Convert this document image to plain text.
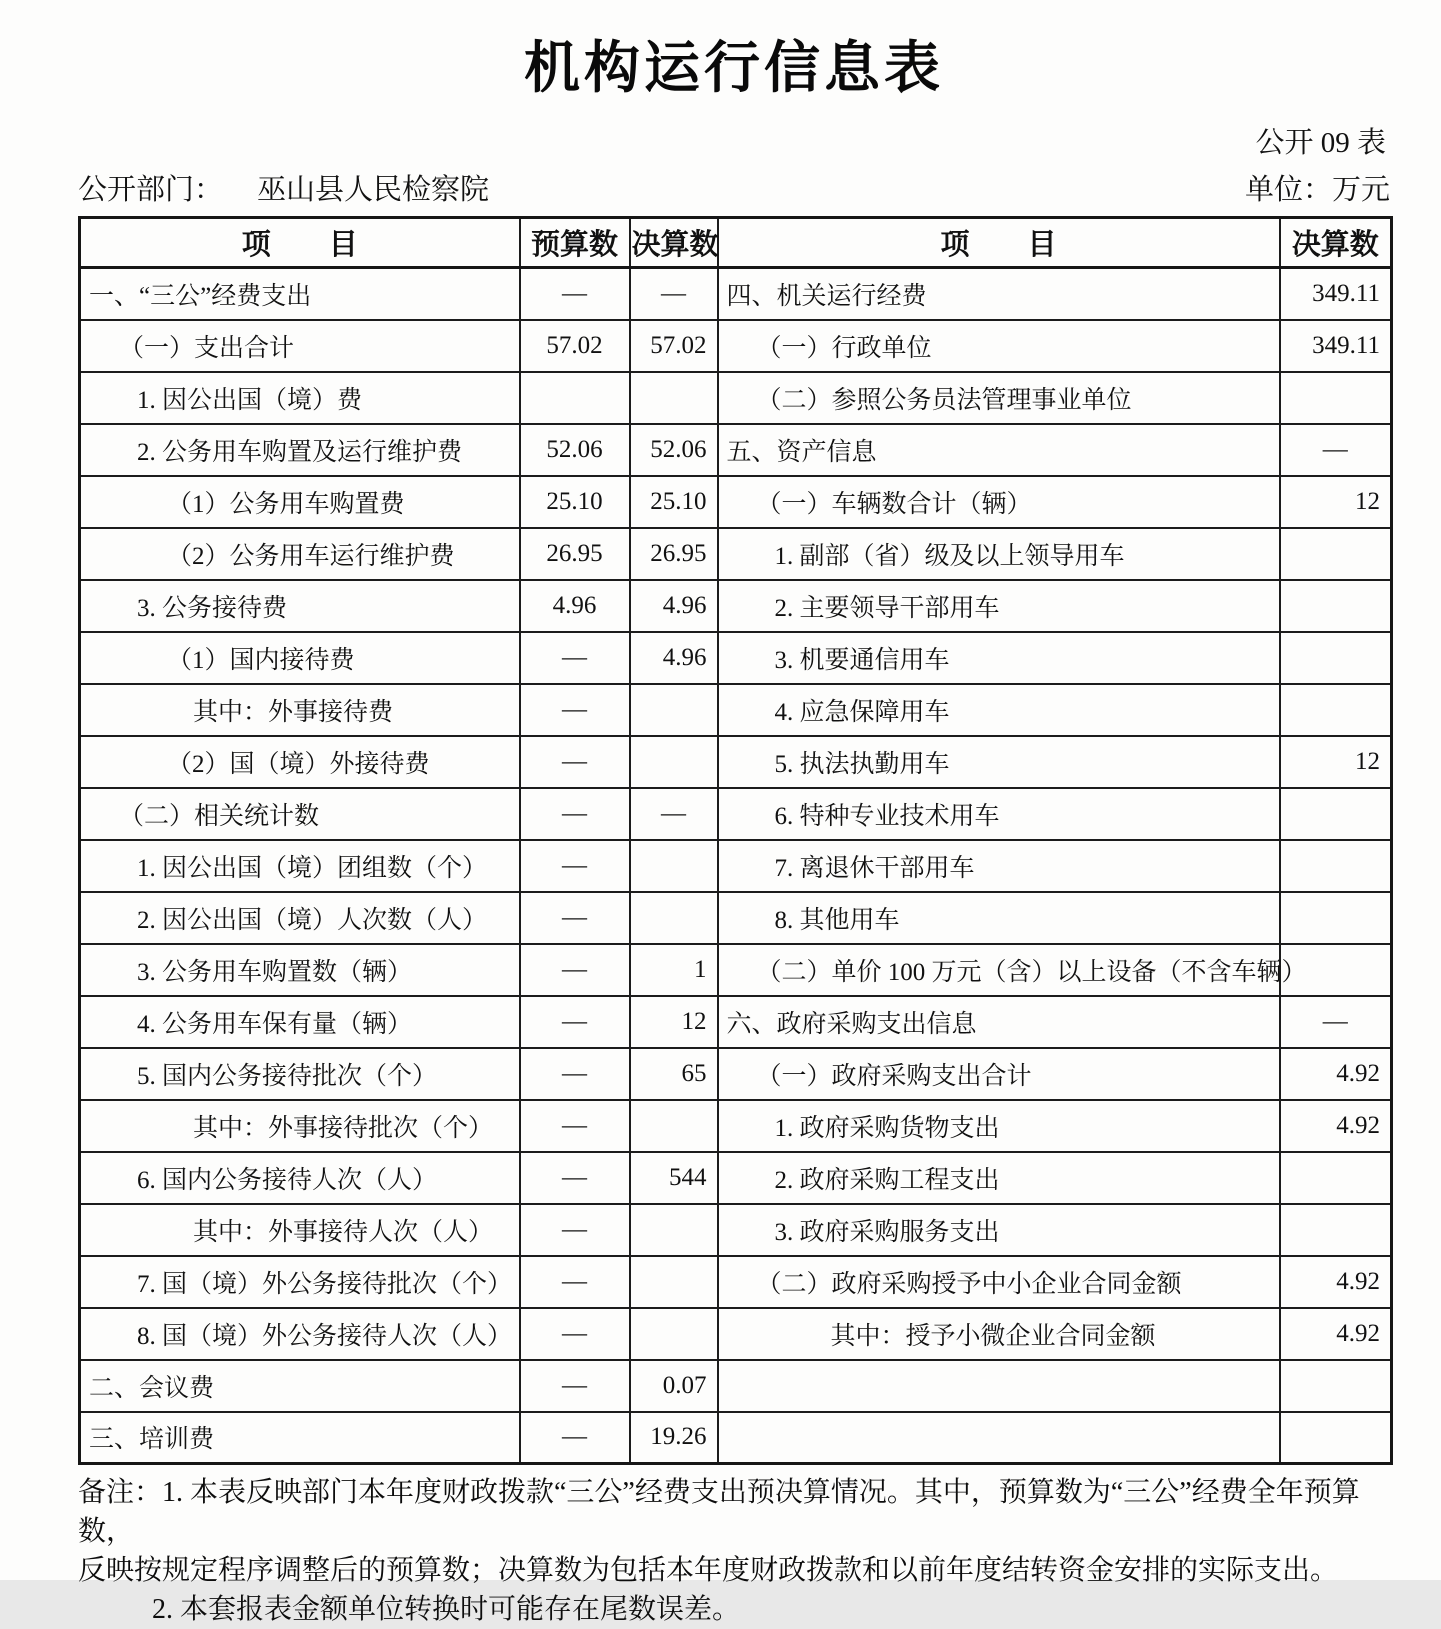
机构运行信息表
公开 09 表
公开部门： 巫山县人民检察院	单位：万元
项　　目	预算数	决算数	项　　目	决算数
一、“三公”经费支出	—	—	四、机关运行经费	349.11
（一）支出合计	57.02	57.02	（一）行政单位	349.11
1. 因公出国（境）费			（二）参照公务员法管理事业单位	
2. 公务用车购置及运行维护费	52.06	52.06	五、资产信息	—
（1）公务用车购置费	25.10	25.10	（一）车辆数合计（辆）	12
（2）公务用车运行维护费	26.95	26.95	1. 副部（省）级及以上领导用车	
3. 公务接待费	4.96	4.96	2. 主要领导干部用车	
（1）国内接待费	—	4.96	3. 机要通信用车	
其中：外事接待费	—		4. 应急保障用车	
（2）国（境）外接待费	—		5. 执法执勤用车	12
（二）相关统计数	—	—	6. 特种专业技术用车	
1. 因公出国（境）团组数（个）	—		7. 离退休干部用车	
2. 因公出国（境）人次数（人）	—		8. 其他用车	
3. 公务用车购置数（辆）	—	1	（二）单价 100 万元（含）以上设备（不含车辆）	
4. 公务用车保有量（辆）	—	12	六、政府采购支出信息	—
5. 国内公务接待批次（个）	—	65	（一）政府采购支出合计	4.92
其中：外事接待批次（个）	—		1. 政府采购货物支出	4.92
6. 国内公务接待人次（人）	—	544	2. 政府采购工程支出	
其中：外事接待人次（人）	—		3. 政府采购服务支出	
7. 国（境）外公务接待批次（个）	—		（二）政府采购授予中小企业合同金额	4.92
8. 国（境）外公务接待人次（人）	—		其中：授予小微企业合同金额	4.92
二、会议费	—	0.07		
三、培训费	—	19.26		

备注：1. 本表反映部门本年度财政拨款“三公”经费支出预决算情况。其中，预算数为“三公”经费全年预算数，

反映按规定程序调整后的预算数；决算数为包括本年度财政拨款和以前年度结转资金安排的实际支出。

2. 本套报表金额单位转换时可能存在尾数误差。
